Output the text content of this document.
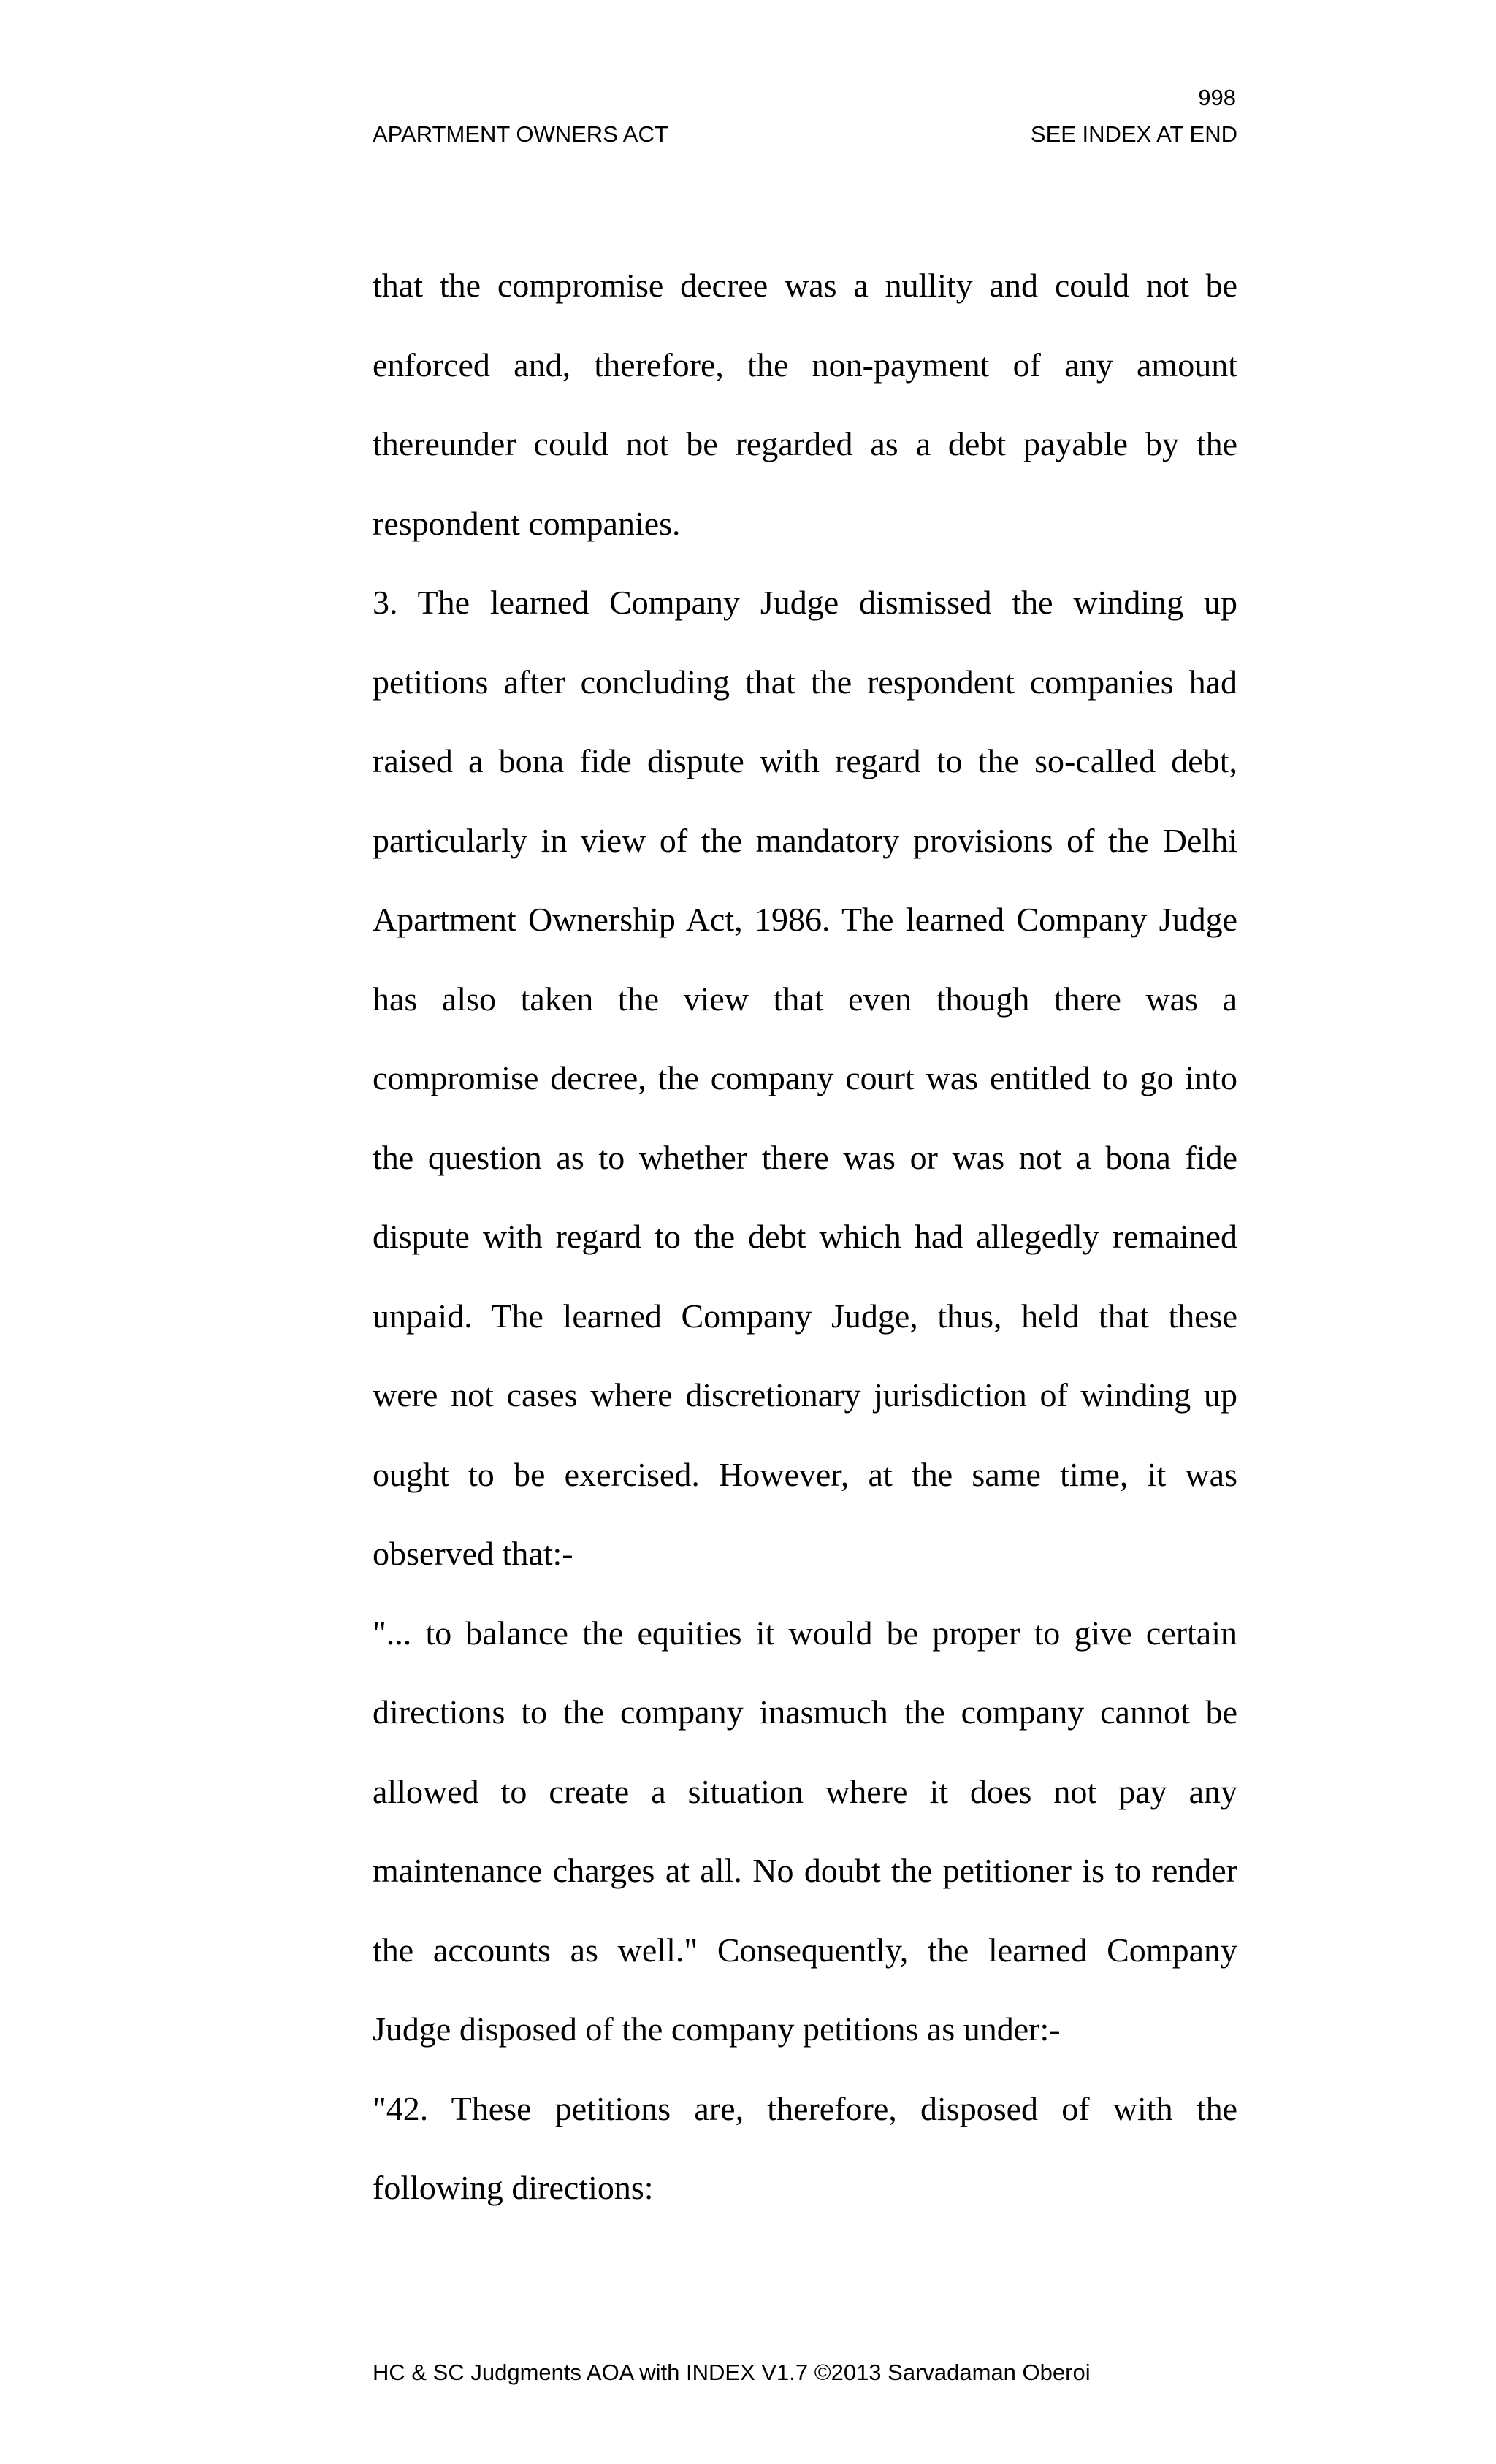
998
APARTMENT OWNERS ACT	SEE INDEX AT END
that the compromise decree was a nullity and could not be
enforced and, therefore, the non-payment of any amount
thereunder could not be regarded as a debt payable by the
respondent companies.
3. The learned Company Judge dismissed the winding up
petitions after concluding that the respondent companies had
raised a bona fide dispute with regard to the so-called debt,
particularly in view of the mandatory provisions of the Delhi
Apartment Ownership Act, 1986. The learned Company Judge
has also taken the view that even though there was a
compromise decree, the company court was entitled to go into
the question as to whether there was or was not a bona fide
dispute with regard to the debt which had allegedly remained
unpaid. The learned Company Judge, thus, held that these
were not cases where discretionary jurisdiction of winding up
ought to be exercised. However, at the same time, it was
observed that:-
"... to balance the equities it would be proper to give certain
directions to the company inasmuch the company cannot be
allowed to create a situation where it does not pay any
maintenance charges at all. No doubt the petitioner is to render
the accounts as well." Consequently, the learned Company
Judge disposed of the company petitions as under:-
"42. These petitions are, therefore, disposed of with the
following directions:
HC & SC Judgments AOA with INDEX V1.7 ©2013 Sarvadaman Oberoi
